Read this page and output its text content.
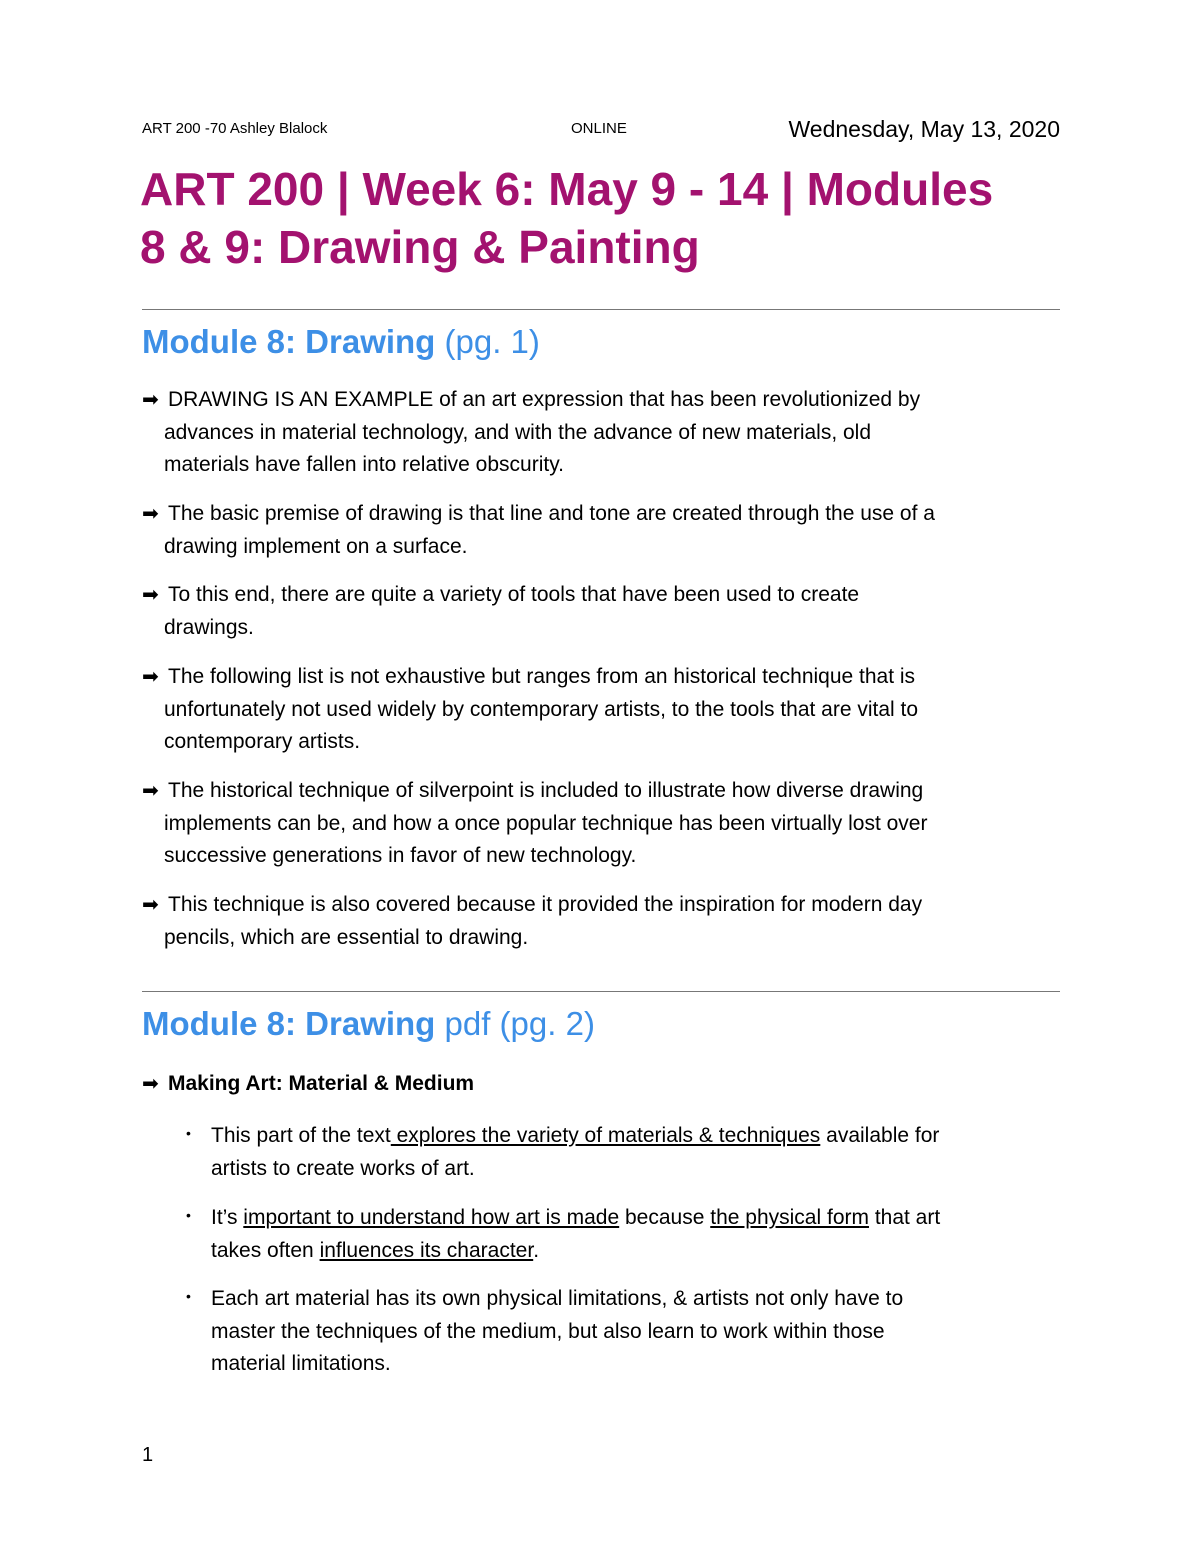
ART 200 -70 Ashley Blalock	ONLINE	Wednesday, May 13, 2020
ART 200 | Week 6: May 9 - 14 | Modules
8 & 9: Drawing & Painting
Module 8: Drawing (pg. 1)
➡ DRAWING IS AN EXAMPLE of an art expression that has been revolutionized by
advances in material technology, and with the advance of new materials, old
materials have fallen into relative obscurity.
➡ The basic premise of drawing is that line and tone are created through the use of a
drawing implement on a surface.
➡ To this end, there are quite a variety of tools that have been used to create
drawings.
➡ The following list is not exhaustive but ranges from an historical technique that is
unfortunately not used widely by contemporary artists, to the tools that are vital to
contemporary artists.
➡ The historical technique of silverpoint is included to illustrate how diverse drawing
implements can be, and how a once popular technique has been virtually lost over
successive generations in favor of new technology.
➡ This technique is also covered because it provided the inspiration for modern day
pencils, which are essential to drawing.
Module 8: Drawing pdf (pg. 2)
➡ Making Art: Material & Medium
• This part of the text explores the variety of materials & techniques available for
artists to create works of art.
• It’s important to understand how art is made because the physical form that art
takes often influences its character.
• Each art material has its own physical limitations, & artists not only have to
master the techniques of the medium, but also learn to work within those
material limitations.
1
